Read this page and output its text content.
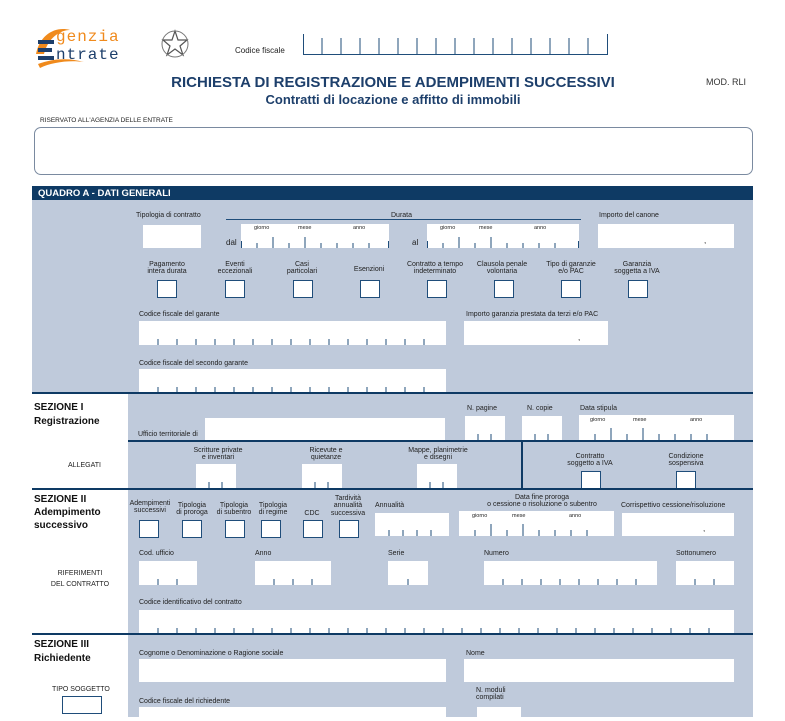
genzia
ntrate	Codice fiscale
RICHIESTA DI REGISTRAZIONE E ADEMPIMENTI SUCCESSIVI
Contratti di locazione e affitto di immobili
MOD. RLI
RISERVATO ALL'AGENZIA DELLE ENTRATE
QUADRO A - DATI GENERALI
Tipologia di contratto	Durata
dal
giorno	mese	anno
al
giorno	mese	anno
Importo del canone
,
Pagamento
intera durata
Eventi
eccezionali
Casi
particolari	Esenzioni
Contratto a tempo
indeterminato
Clausola penale
volontaria
Tipo di garanzie
e/o PAC
Garanzia
soggetta a IVA
Codice fiscale del garante	Importo garanzia prestata da terzi e/o PAC
,
Codice fiscale del secondo garante
SEZIONE I
Registrazione
Ufficio territoriale di
N. pagine	N. copie	Data stipula
giorno	mese	anno
ALLEGATI
Scritture private
e inventari
Ricevute e
quietanze
Mappe, planimetrie
e disegni	Contratto
soggetto a IVA
Condizione
sospensiva
SEZIONE II
Adempimento
successivo
Adempimenti
successivi
Tipologia
di proroga
Tipologia
di subentro
Tipologia
di regime	CDC
Tardività
annualità
successiva
Annualità
Data fine proroga
o cessione o risoluzione o subentro
giorno	mese	anno
Corrispettivo cessione/risoluzione
,
RIFERIMENTI
DEL CONTRATTO
Cod. ufficio	Anno	Serie	Numero	Sottonumero
Codice identificativo del contratto
SEZIONE III
Richiedente	Cognome o Denominazione o Ragione sociale	Nome
TIPO SOGGETTO
Codice fiscale del richiedente
N. moduli
compilati
